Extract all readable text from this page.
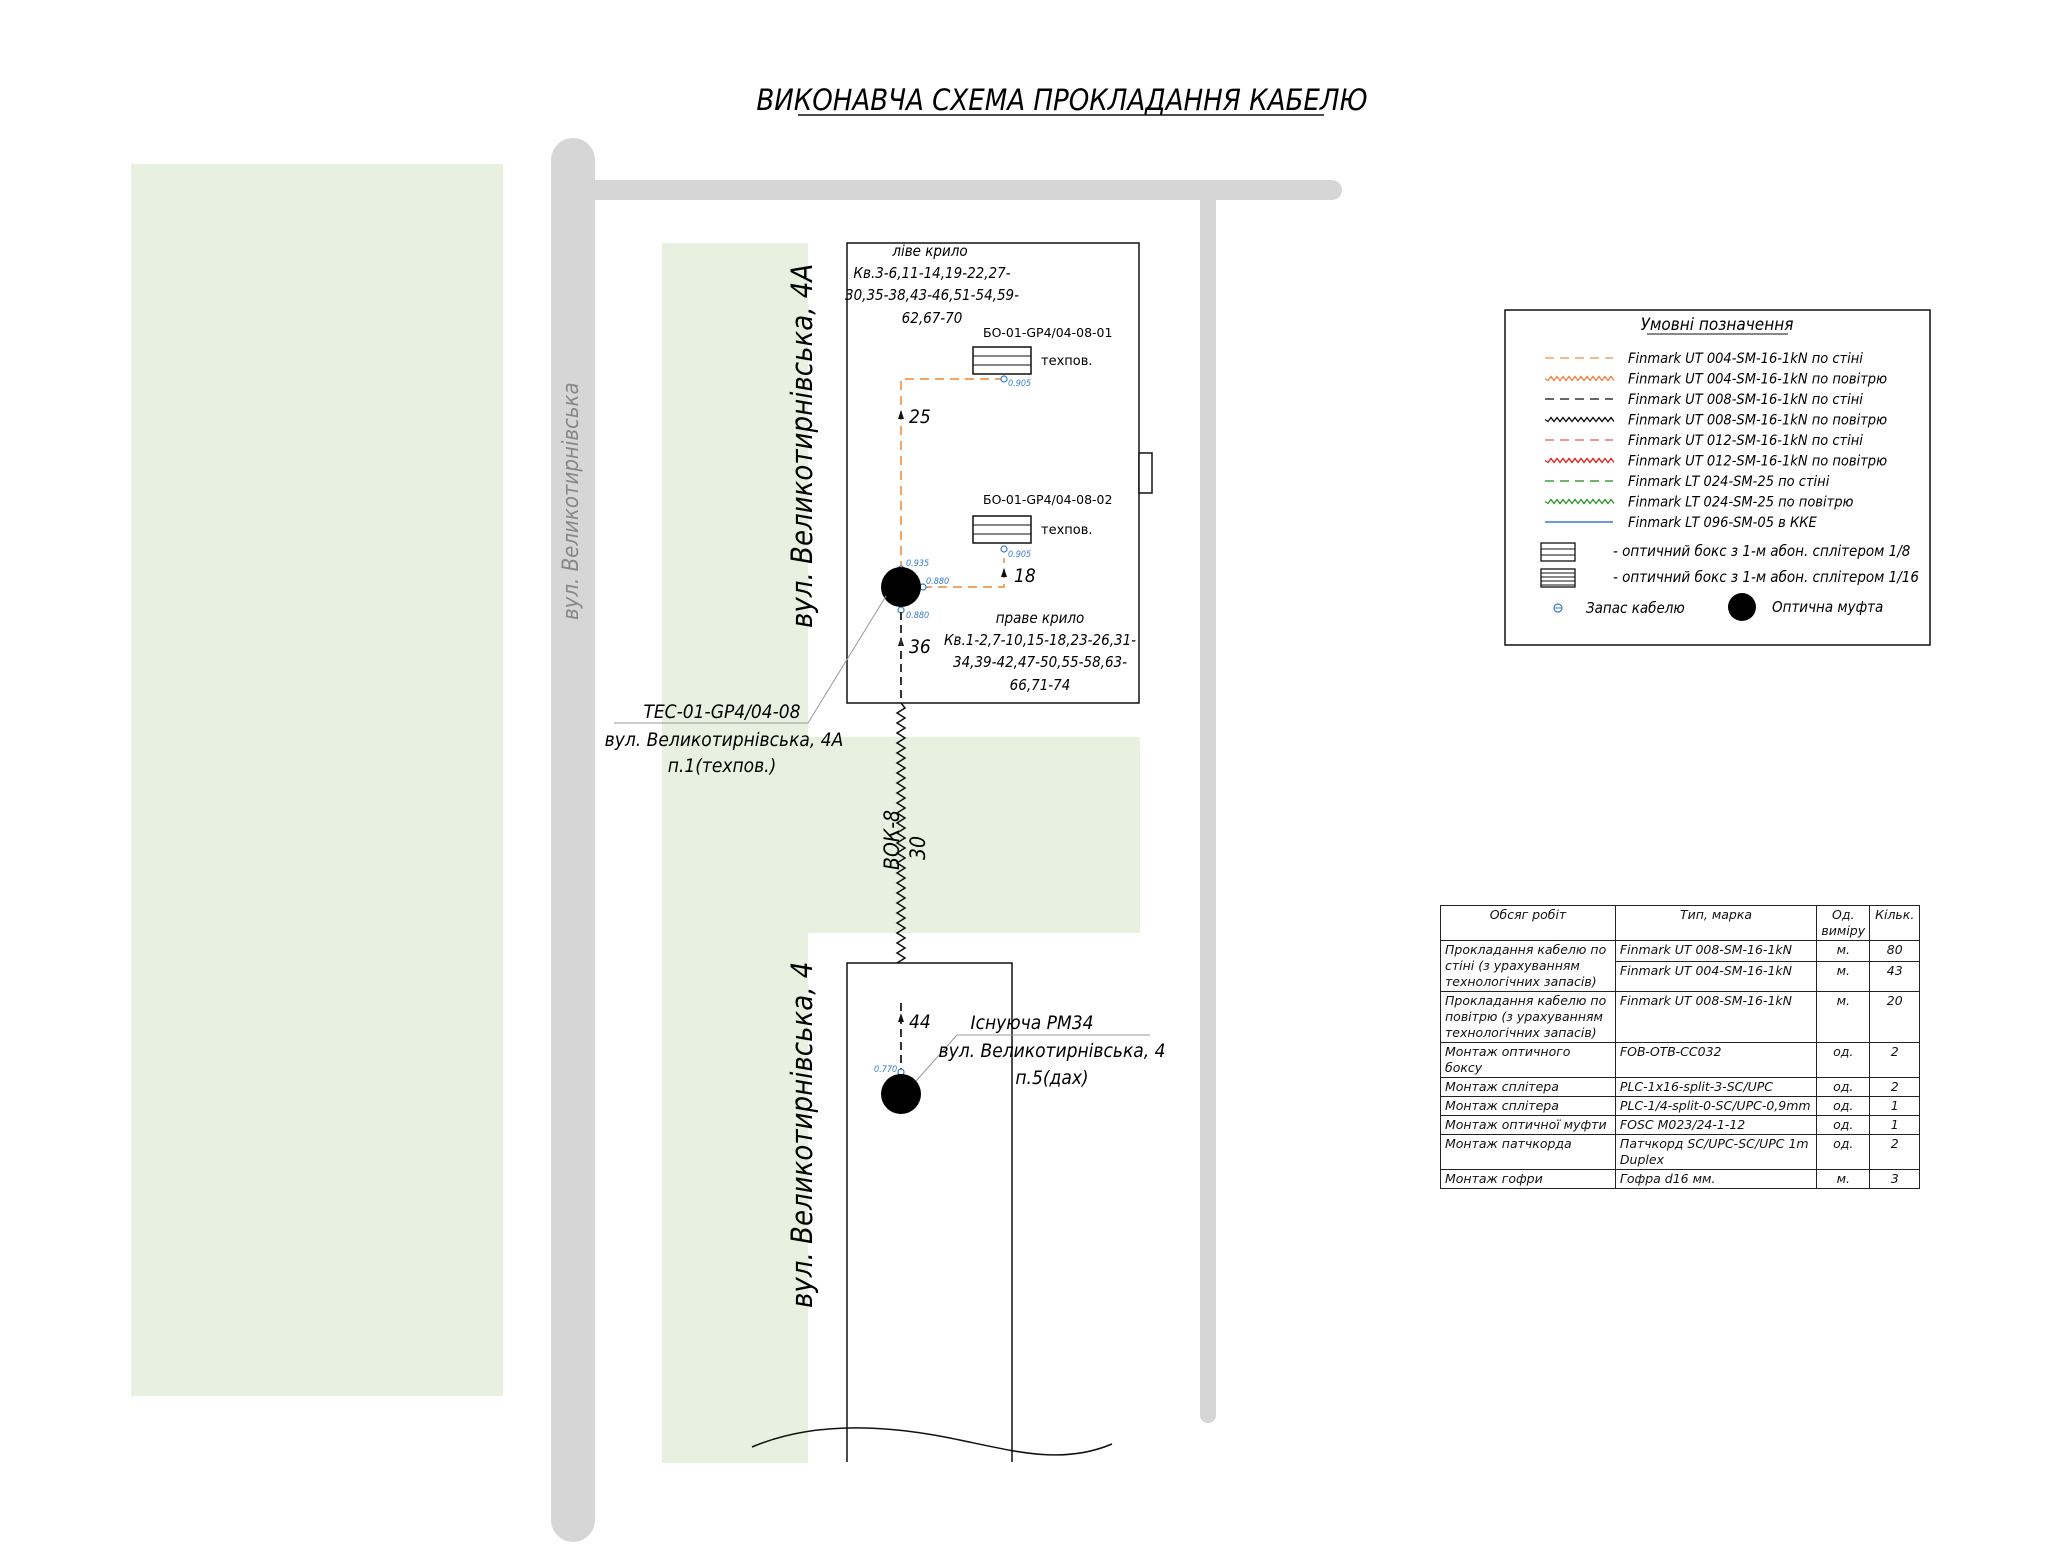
ВИКОНАВЧА СХЕМА ПРОКЛАДАННЯ КАБЕЛЮ
вул. Великотирнівська	вул. Великотирнівська, 4А
вул. Великотирнівська, 4
ліве крило
Кв.3-6,11-14,19-22,27-
30,35-38,43-46,51-54,59-
62,67-70
праве крило
Кв.1-2,7-10,15-18,23-26,31-
34,39-42,47-50,55-58,63-
66,71-74
БО-01-GP4/04-08-01
техпов.
БО-01-GP4/04-08-02
техпов.
25
18
36
0.905
0.905
0.935
0.880
0.880
ВОК-8 30
TEC-01-GP4/04-08
вул. Великотирнівська, 4А
п.1(техпов.)
44
0.770
Існуюча РМ34
вул. Великотирнівська, 4
п.5(дах)
Умовні позначення
Finmark UT 004-SM-16-1kN по стіні
Finmark UT 004-SM-16-1kN по повітрю
Finmark UT 008-SM-16-1kN по стіні
Finmark UT 008-SM-16-1kN по повітрю
Finmark UT 012-SM-16-1kN по стіні
Finmark UT 012-SM-16-1kN по повітрю
Finmark LT 024-SM-25 по стіні
Finmark LT 024-SM-25 по повітрю
Finmark LT 096-SM-05 в ККЕ
- оптичний бокс з 1-м абон. сплітером 1/8
- оптичний бокс з 1-м абон. сплітером 1/16
Запас кабелю	Оптична муфта
Обсяг робіт	Тип, марка	Од. виміру	Кільк.
Прокладання кабелю по стіні (з урахуванням технологічних запасів)	Finmark UT 008-SM-16-1kN	м.	80
	Finmark UT 004-SM-16-1kN	м.	43
Прокладання кабелю по повітрю (з урахуванням технологічних запасів)	Finmark UT 008-SM-16-1kN	м.	20
Монтаж оптичного боксу	FOB-OTB-CC032	од.	2
Монтаж сплітера	PLC-1x16-split-3-SC/UPC	од.	2
Монтаж сплітера	PLC-1/4-split-0-SC/UPC-0,9mm	од.	1
Монтаж оптичної муфти	FOSC M023/24-1-12	од.	1
Монтаж патчкорда	Патчкорд SC/UPC-SC/UPC 1m Duplex	од.	2
Монтаж гофри	Гофра d16 мм.	м.	3
